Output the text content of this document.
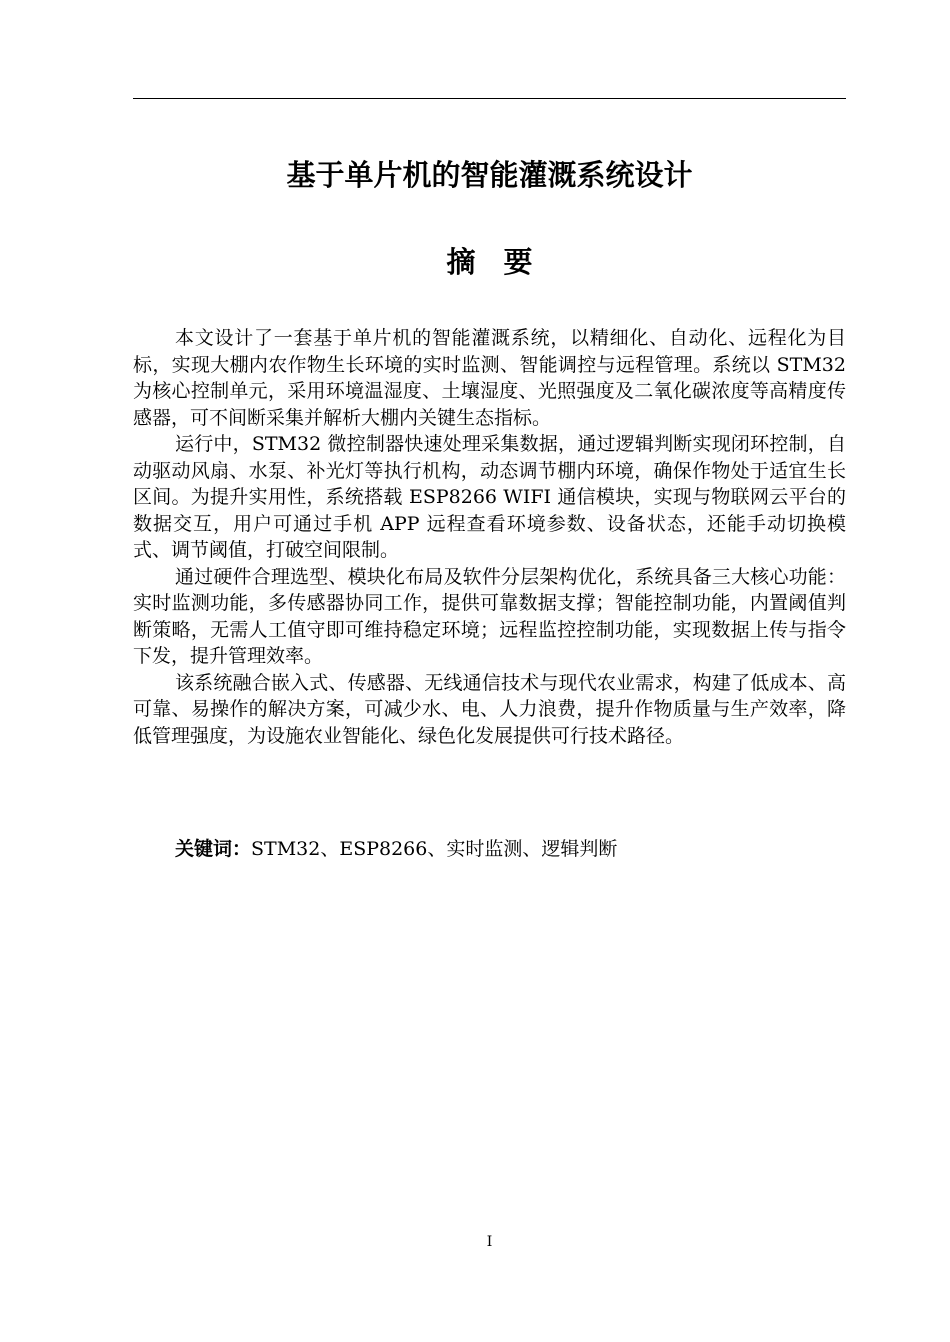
基于单片机的智能灌溉系统设计
摘要

本文设计了一套基于单片机的智能灌溉系统，以精细化、自动化、远程化为目标，实现大棚内农作物生长环境的实时监测、智能调控与远程管理。系统以 STM32 为核心控制单元，采用环境温湿度、土壤湿度、光照强度及二氧化碳浓度等高精度传感器，可不间断采集并解析大棚内关键生态指标。

运行中，STM32 微控制器快速处理采集数据，通过逻辑判断实现闭环控制，自动驱动风扇、水泵、补光灯等执行机构，动态调节棚内环境，确保作物处于适宜生长区间。为提升实用性，系统搭载 ESP8266 WIFI 通信模块，实现与物联网云平台的数据交互，用户可通过手机 APP 远程查看环境参数、设备状态，还能手动切换模式、调节阈值，打破空间限制。

通过硬件合理选型、模块化布局及软件分层架构优化，系统具备三大核心功能：实时监测功能，多传感器协同工作，提供可靠数据支撑；智能控制功能，内置阈值判断策略，无需人工值守即可维持稳定环境；远程监控控制功能，实现数据上传与指令下发，提升管理效率。

该系统融合嵌入式、传感器、无线通信技术与现代农业需求，构建了低成本、高可靠、易操作的解决方案，可减少水、电、人力浪费，提升作物质量与生产效率，降低管理强度，为设施农业智能化、绿色化发展提供可行技术路径。

关键词：STM32、ESP8266、实时监测、逻辑判断

I
